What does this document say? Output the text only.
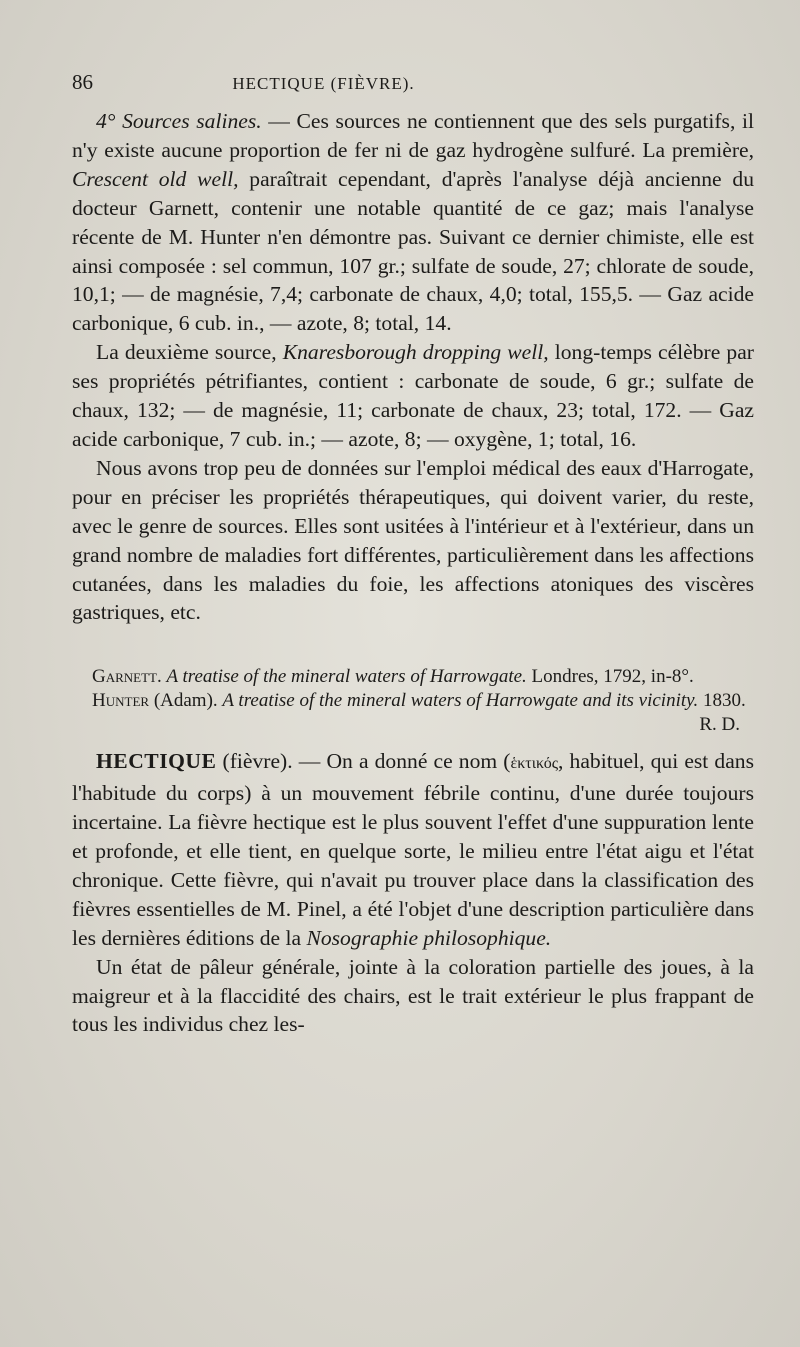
86	HECTIQUE (FIÈVRE).

4° Sources salines. — Ces sources ne contiennent que des sels purgatifs, il n'y existe aucune proportion de fer ni de gaz hydrogène sulfuré. La première, Crescent old well, paraîtrait cependant, d'après l'analyse déjà ancienne du docteur Garnett, contenir une notable quantité de ce gaz; mais l'analyse récente de M. Hunter n'en démontre pas. Suivant ce dernier chimiste, elle est ainsi composée : sel commun, 107 gr.; sulfate de soude, 27; chlorate de soude, 10,1; — de magnésie, 7,4; carbonate de chaux, 4,0; total, 155,5. — Gaz acide carbonique, 6 cub. in., — azote, 8; total, 14.

La deuxième source, Knaresborough dropping well, long-temps célèbre par ses propriétés pétrifiantes, contient : carbonate de soude, 6 gr.; sulfate de chaux, 132; — de magnésie, 11; carbonate de chaux, 23; total, 172. — Gaz acide carbonique, 7 cub. in.; — azote, 8; — oxygène, 1; total, 16.

Nous avons trop peu de données sur l'emploi médical des eaux d'Harrogate, pour en préciser les propriétés thérapeutiques, qui doivent varier, du reste, avec le genre de sources. Elles sont usitées à l'intérieur et à l'extérieur, dans un grand nombre de maladies fort différentes, particulièrement dans les affections cutanées, dans les maladies du foie, les affections atoniques des viscères gastriques, etc.

Garnett. A treatise of the mineral waters of Harrowgate. Londres, 1792, in-8°.

Hunter (Adam). A treatise of the mineral waters of Harrowgate and its vicinity. 1830.
R. D.

HECTIQUE (fièvre). — On a donné ce nom (ἑκτικός, habituel, qui est dans l'habitude du corps) à un mouvement fébrile continu, d'une durée toujours incertaine. La fièvre hectique est le plus souvent l'effet d'une suppuration lente et profonde, et elle tient, en quelque sorte, le milieu entre l'état aigu et l'état chronique. Cette fièvre, qui n'avait pu trouver place dans la classification des fièvres essentielles de M. Pinel, a été l'objet d'une description particulière dans les dernières éditions de la Nosographie philosophique.

Un état de pâleur générale, jointe à la coloration partielle des joues, à la maigreur et à la flaccidité des chairs, est le trait extérieur le plus frappant de tous les individus chez les-
